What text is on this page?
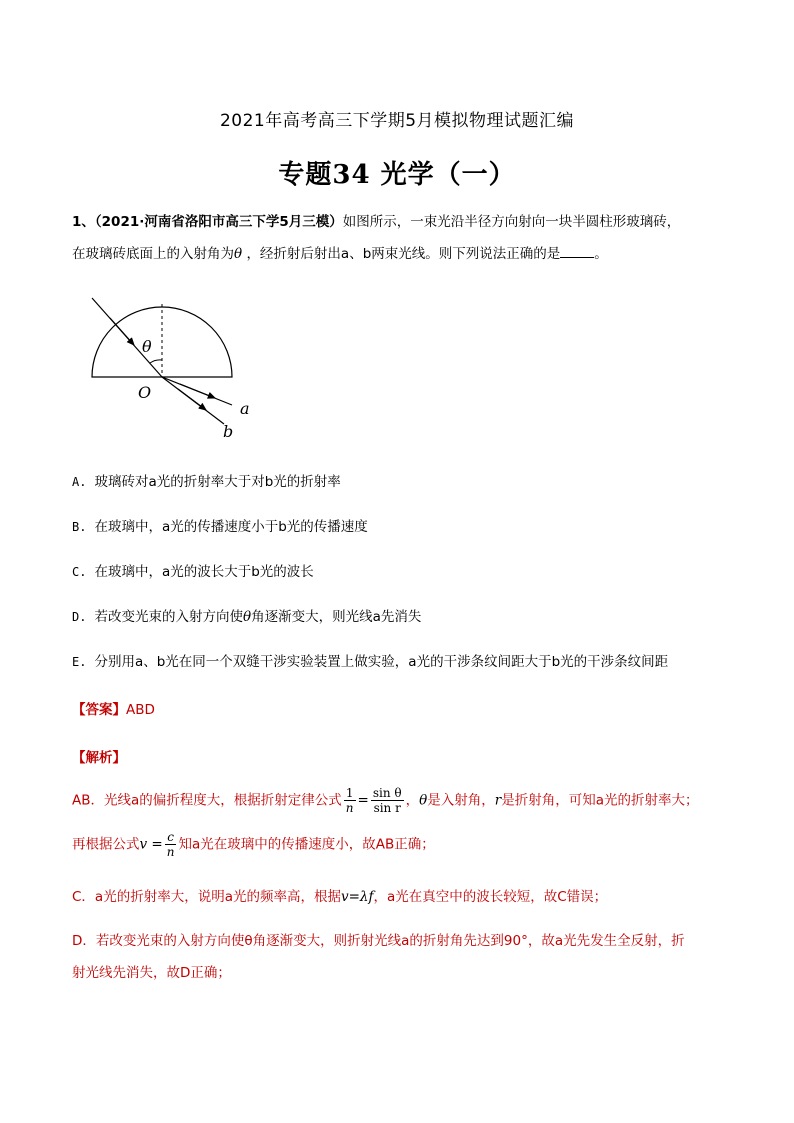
2021年高考高三下学期5月模拟物理试题汇编
专题34 光学（一）
1、（2021·河南省洛阳市高三下学5月三模）如图所示，一束光沿半径方向射向一块半圆柱形玻璃砖，
在玻璃砖底面上的入射角为θ ，经折射后射出a、b两束光线。则下列说法正确的是	。
θ
O
a
b
A. 玻璃砖对a光的折射率大于对b光的折射率
B. 在玻璃中，a光的传播速度小于b光的传播速度
C. 在玻璃中，a光的波长大于b光的波长
D. 若改变光束的入射方向使θ角逐渐变大，则光线a先消失
E. 分别用a、b光在同一个双缝干涉实验装置上做实验，a光的干涉条纹间距大于b光的干涉条纹间距
【答案】ABD
【解析】
AB．光线a的偏折程度大，根据折射定律公式 $\frac{1}{n} = \frac{\text{sin θ}}{\text{sin r}}$ ，θ是入射角，r是折射角，可知a光的折射率大；
再根据公式$v = \frac{c}{n}$ 知a光在玻璃中的传播速度小，故AB正确；
C．a光的折射率大，说明a光的频率高，根据v=λf，a光在真空中的波长较短，故C错误；
D．若改变光束的入射方向使θ角逐渐变大，则折射光线a的折射角先达到90°，故a光先发生全反射，折
射光线先消失，故D正确；
